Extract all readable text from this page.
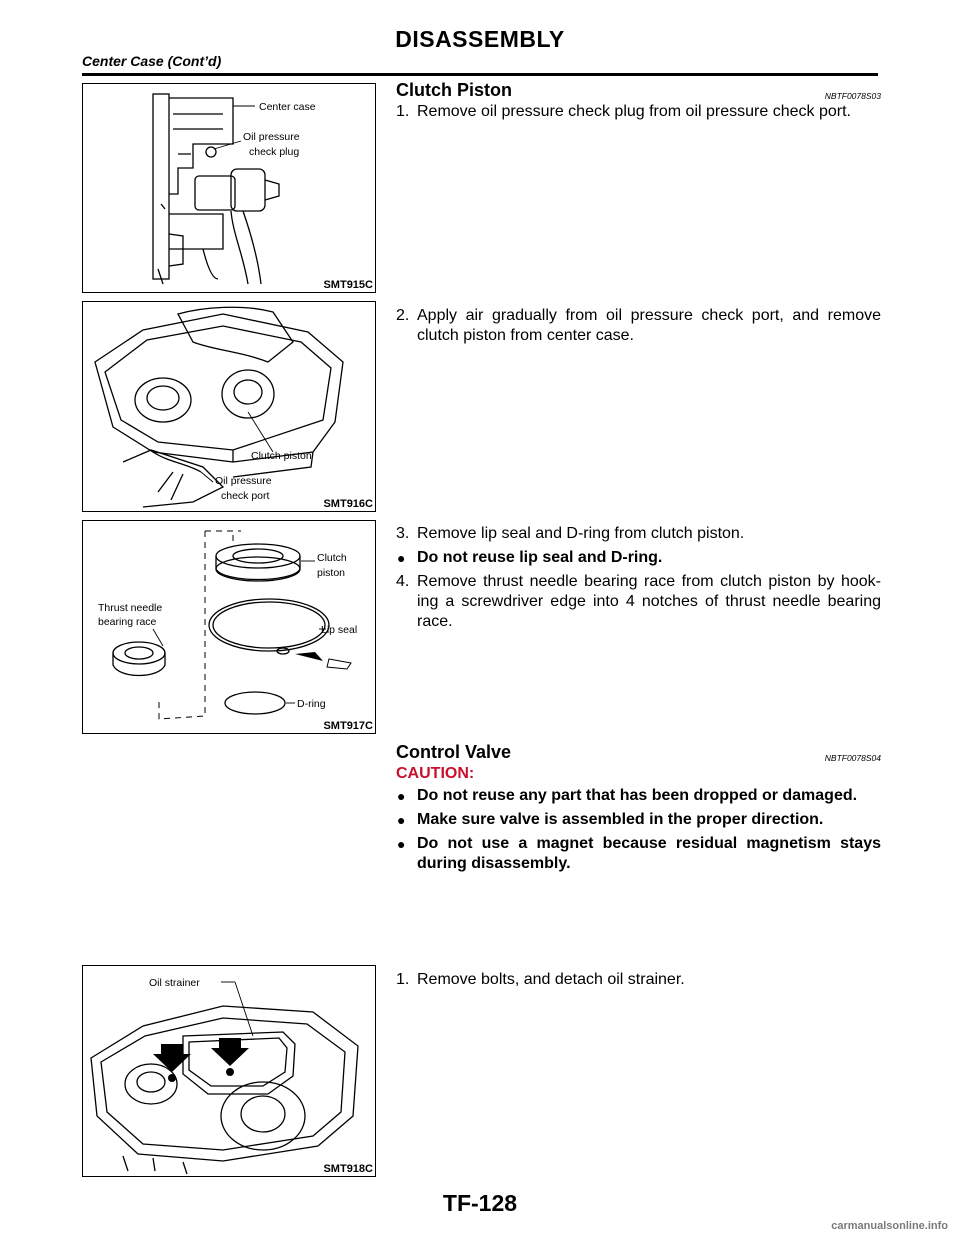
DISASSEMBLY
Center Case (Cont’d)
Center case
Oil pressure
check plug
SMT915C
Clutch piston
Oil pressure
check port
SMT916C
Clutch
piston
Thrust needle
bearing race
Lip seal
D-ring
SMT917C
Oil strainer
SMT918C
Clutch Piston	NBTF0078S03

1. Remove oil pressure check plug from oil pressure check port.

2. Apply air gradually from oil pressure check port, and remove clutch piston from center case.

3. Remove lip seal and D-ring from clutch piston.

● Do not reuse lip seal and D-ring.

4. Remove thrust needle bearing race from clutch piston by hook- ing a screwdriver edge into 4 notches of thrust needle bearing race.

Control Valve	NBTF0078S04
CAUTION:
● Do not reuse any part that has been dropped or damaged.
● Make sure valve is assembled in the proper direction.
● Do not use a magnet because residual magnetism stays during disassembly.

1. Remove bolts, and detach oil strainer.

TF-128
carmanualsonline.info
